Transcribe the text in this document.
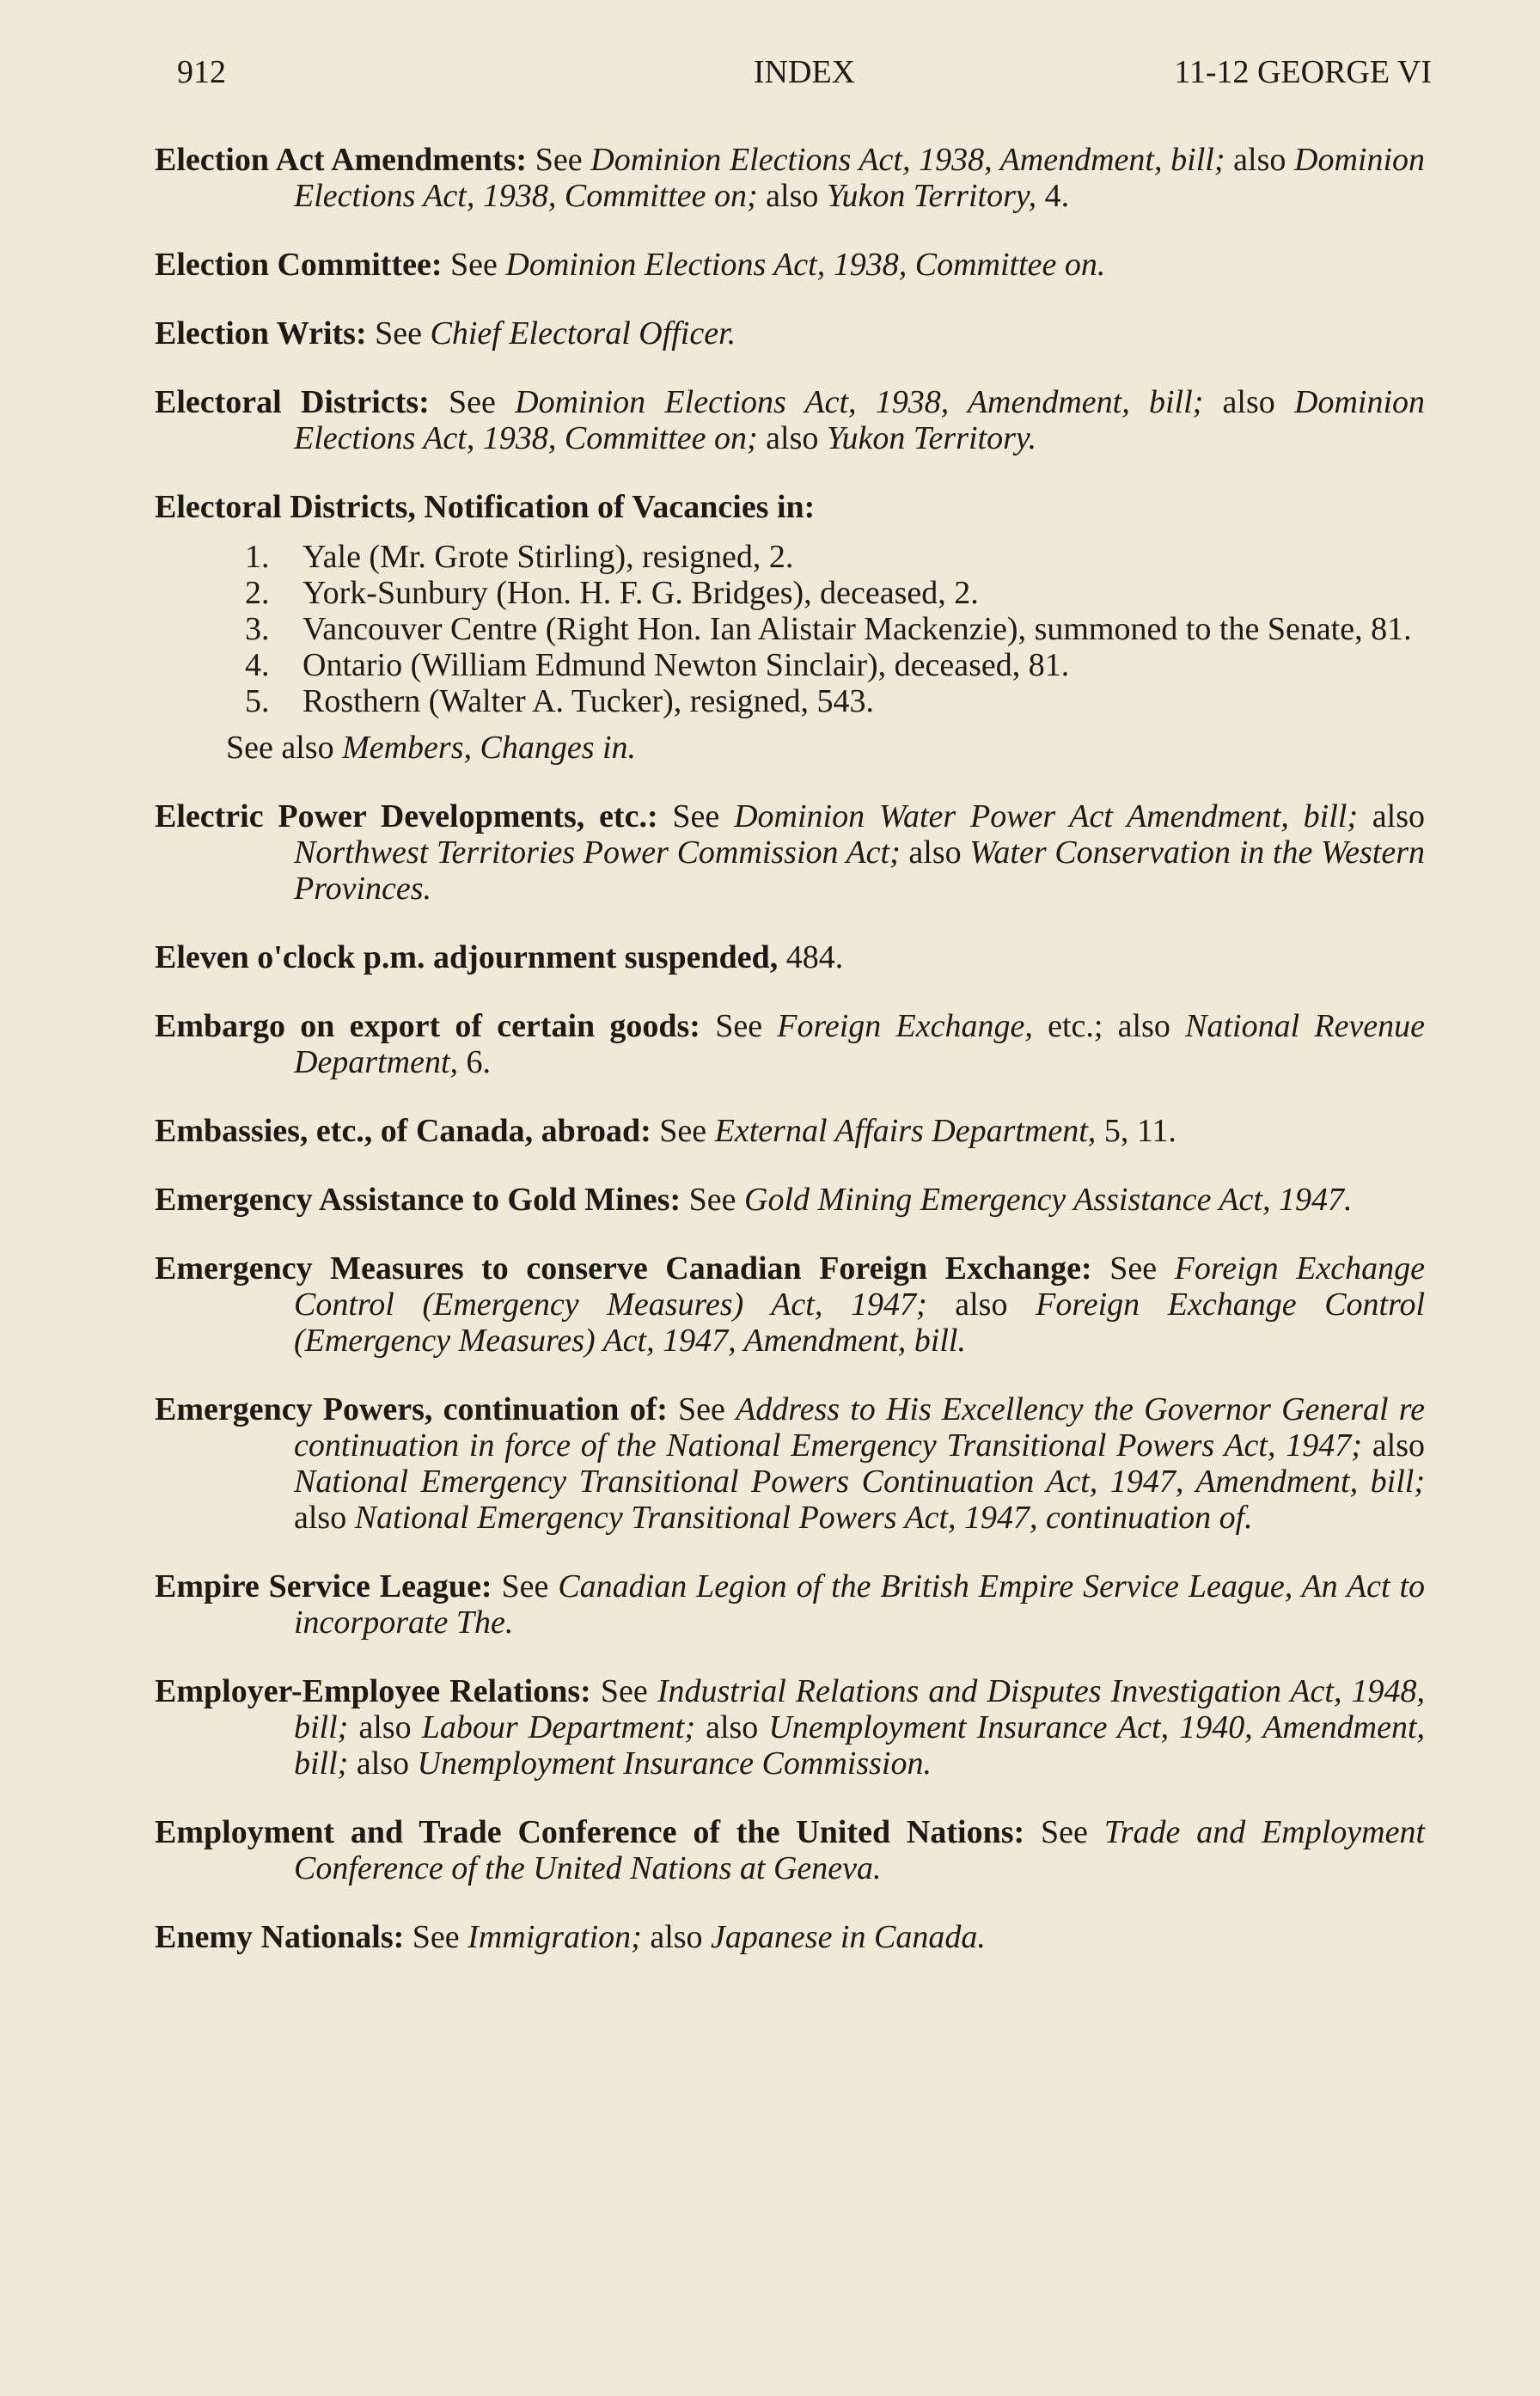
912	INDEX	11-12 GEORGE VI
Election Act Amendments: See Dominion Elections Act, 1938, Amendment, bill; also Dominion Elections Act, 1938, Committee on; also Yukon Territory, 4.
Election Committee: See Dominion Elections Act, 1938, Committee on.
Election Writs: See Chief Electoral Officer.
Electoral Districts: See Dominion Elections Act, 1938, Amendment, bill; also Dominion Elections Act, 1938, Committee on; also Yukon Territory.
Electoral Districts, Notification of Vacancies in:
1. Yale (Mr. Grote Stirling), resigned, 2.
2. York-Sunbury (Hon. H. F. G. Bridges), deceased, 2.
3. Vancouver Centre (Right Hon. Ian Alistair Mackenzie), summoned to the Senate, 81.
4. Ontario (William Edmund Newton Sinclair), deceased, 81.
5. Rosthern (Walter A. Tucker), resigned, 543.
See also Members, Changes in.
Electric Power Developments, etc.: See Dominion Water Power Act Amendment, bill; also Northwest Territories Power Commission Act; also Water Conservation in the Western Provinces.
Eleven o'clock p.m. adjournment suspended, 484.
Embargo on export of certain goods: See Foreign Exchange, etc.; also National Revenue Department, 6.
Embassies, etc., of Canada, abroad: See External Affairs Department, 5, 11.
Emergency Assistance to Gold Mines: See Gold Mining Emergency Assistance Act, 1947.
Emergency Measures to conserve Canadian Foreign Exchange: See Foreign Exchange Control (Emergency Measures) Act, 1947; also Foreign Exchange Control (Emergency Measures) Act, 1947, Amendment, bill.
Emergency Powers, continuation of: See Address to His Excellency the Governor General re continuation in force of the National Emergency Transitional Powers Act, 1947; also National Emergency Transitional Powers Continuation Act, 1947, Amendment, bill; also National Emergency Transitional Powers Act, 1947, continuation of.
Empire Service League: See Canadian Legion of the British Empire Service League, An Act to incorporate The.
Employer-Employee Relations: See Industrial Relations and Disputes Investigation Act, 1948, bill; also Labour Department; also Unemployment Insurance Act, 1940, Amendment, bill; also Unemployment Insurance Commission.
Employment and Trade Conference of the United Nations: See Trade and Employment Conference of the United Nations at Geneva.
Enemy Nationals: See Immigration; also Japanese in Canada.
